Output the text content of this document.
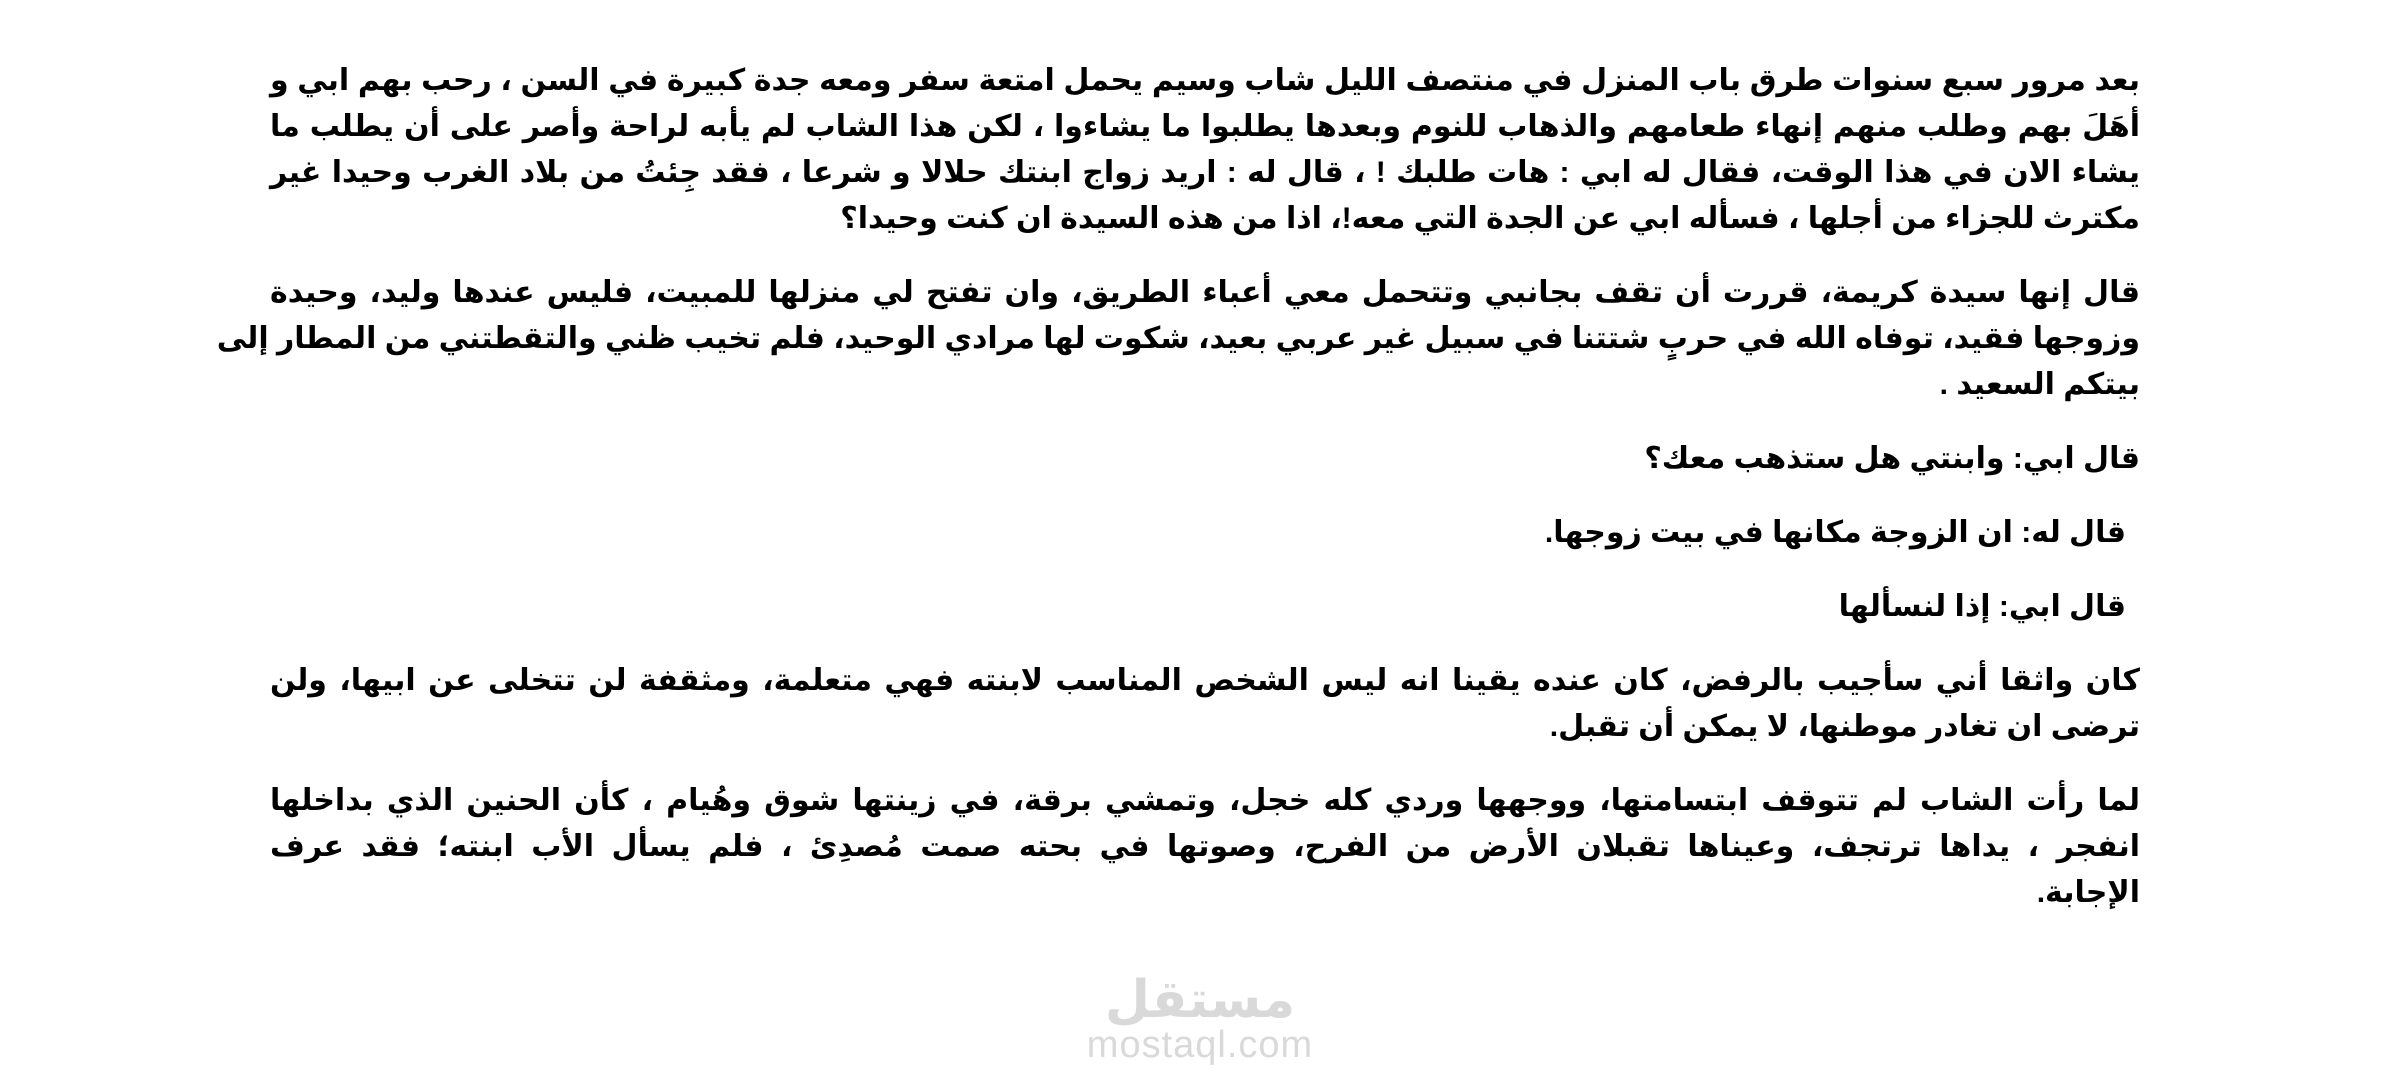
بعد مرور سبع سنوات طرق باب المنزل في منتصف الليل شاب وسيم يحمل امتعة سفر ومعه جدة كبيرة في السن ، رحب بهم ابي و
أهَلَ بهم وطلب منهم إنهاء طعامهم والذهاب للنوم وبعدها يطلبوا ما يشاءوا ، لكن هذا الشاب لم يأبه لراحة وأصر على أن يطلب ما
يشاء الان في هذا الوقت، فقال له ابي : هات طلبك ! ، قال له : اريد زواج ابنتك حلالا و شرعا ، فقد جِئتُ من بلاد الغرب وحيدا غير
مكترث للجزاء من أجلها ، فسأله ابي عن الجدة التي معه!، اذا من هذه السيدة ان كنت وحيدا؟

قال إنها سيدة كريمة، قررت أن تقف بجانبي وتتحمل معي أعباء الطريق، وان تفتح لي منزلها للمبيت، فليس عندها وليد، وحيدة
وزوجها فقيد، توفاه الله في حربٍ شتتنا في سبيل غير عربي بعيد، شكوت لها مرادي الوحيد، فلم تخيب ظني والتقطتني من المطار إلى
بيتكم السعيد .

قال ابي: وابنتي هل ستذهب معك؟

قال له: ان الزوجة مكانها في بيت زوجها.

قال ابي: إذا لنسألها

كان واثقا أني سأجيب بالرفض، كان عنده يقينا انه ليس الشخص المناسب لابنته فهي متعلمة، ومثقفة لن تتخلى عن ابيها، ولن
ترضى ان تغادر موطنها، لا يمكن أن تقبل.

لما رأت الشاب لم تتوقف ابتسامتها، ووجهها وردي كله خجل، وتمشي برقة، في زينتها شوق وهُيام ، كأن الحنين الذي بداخلها
انفجر ، يداها ترتجف، وعيناها تقبلان الأرض من الفرح، وصوتها في بحته صمت مُصدِئ ، فلم يسأل الأب ابنته؛ فقد عرف
الإجابة.

مستقل
mostaql.com
